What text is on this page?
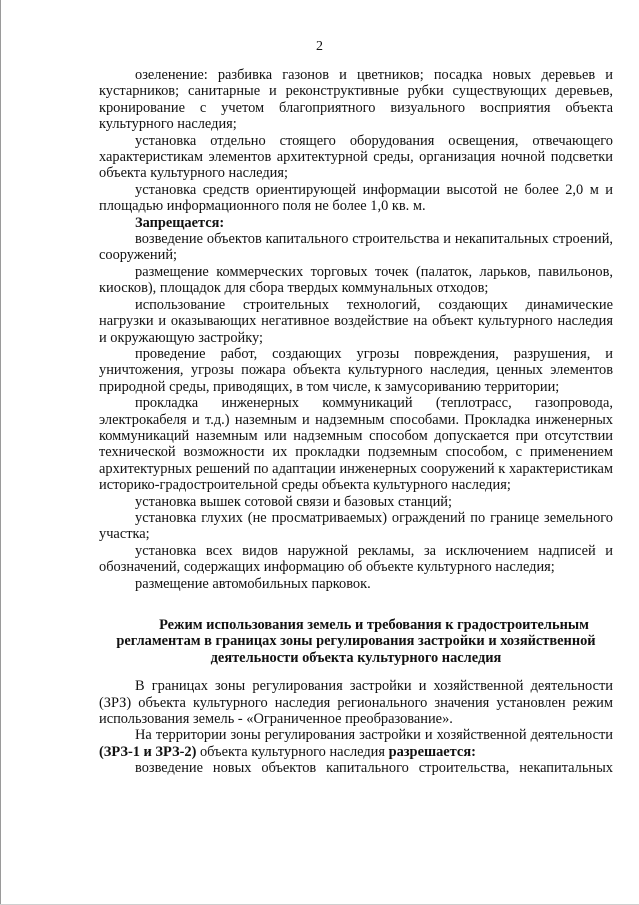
2

озеленение: разбивка газонов и цветников; посадка новых деревьев и кустарников; санитарные и реконструктивные рубки существующих деревьев, кронирование с учетом благоприятного визуального восприятия объекта культурного наследия;

установка отдельно стоящего оборудования освещения, отвечающего характеристикам элементов архитектурной среды, организация ночной подсветки объекта культурного наследия;

установка средств ориентирующей информации высотой не более 2,0 м и площадью информационного поля не более 1,0 кв. м.

Запрещается:

возведение объектов капитального строительства и некапитальных строений, сооружений;

размещение коммерческих торговых точек (палаток, ларьков, павильонов, киосков), площадок для сбора твердых коммунальных отходов;

использование строительных технологий, создающих динамические нагрузки и оказывающих негативное воздействие на объект культурного наследия и окружающую застройку;

проведение работ, создающих угрозы повреждения, разрушения, и уничтожения, угрозы пожара объекта культурного наследия, ценных элементов природной среды, приводящих, в том числе, к замусориванию территории;

прокладка инженерных коммуникаций (теплотрасс, газопровода, электрокабеля и т.д.) наземным и надземным способами. Прокладка инженерных коммуникаций наземным или надземным способом допускается при отсутствии технической возможности их прокладки подземным способом, с применением архитектурных решений по адаптации инженерных сооружений к характеристикам историко-градостроительной среды объекта культурного наследия;

установка вышек сотовой связи и базовых станций;

установка глухих (не просматриваемых) ограждений по границе земельного участка;

установка всех видов наружной рекламы, за исключением надписей и обозначений, содержащих информацию об объекте культурного наследия;

размещение автомобильных парковок.

Режим использования земель и требования к градостроительным регламентам в границах зоны регулирования застройки и хозяйственной деятельности объекта культурного наследия

В границах зоны регулирования застройки и хозяйственной деятельности (ЗРЗ) объекта культурного наследия регионального значения установлен режим использования земель - «Ограниченное преобразование».

На территории зоны регулирования застройки и хозяйственной деятельности (ЗРЗ-1 и ЗРЗ-2) объекта культурного наследия разрешается:

возведение новых объектов капитального строительства, некапитальных
